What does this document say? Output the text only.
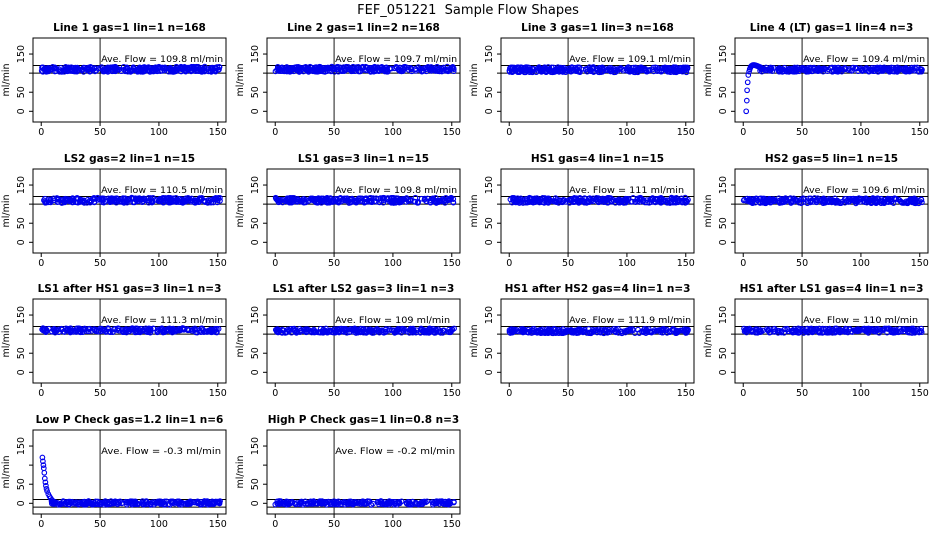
FEF_051221  Sample Flow Shapes
Line 1 gas=1 lin=1 n=168
0	50	100	150
0
50
150
ml/min
Ave. Flow = 109.8 ml/min
Line 2 gas=1 lin=2 n=168
0	50	100	150
0
50
150
ml/min
Ave. Flow = 109.7 ml/min
Line 3 gas=1 lin=3 n=168
0	50	100	150
0
50
150
ml/min
Ave. Flow = 109.1 ml/min
Line 4 (LT) gas=1 lin=4 n=3
0	50	100	150
0
50
150
ml/min
Ave. Flow = 109.4 ml/min
LS2 gas=2 lin=1 n=15
0	50	100	150
0
50
150
ml/min
Ave. Flow = 110.5 ml/min
LS1 gas=3 lin=1 n=15
0	50	100	150
0
50
150
ml/min
Ave. Flow = 109.8 ml/min
HS1 gas=4 lin=1 n=15
0	50	100	150
0
50
150
ml/min
Ave. Flow = 111 ml/min
HS2 gas=5 lin=1 n=15
0	50	100	150
0
50
150
ml/min
Ave. Flow = 109.6 ml/min
LS1 after HS1 gas=3 lin=1 n=3
0	50	100	150
0
50
150
ml/min
Ave. Flow = 111.3 ml/min
LS1 after LS2 gas=3 lin=1 n=3
0	50	100	150
0
50
150
ml/min
Ave. Flow = 109 ml/min
HS1 after HS2 gas=4 lin=1 n=3
0	50	100	150
0
50
150
ml/min
Ave. Flow = 111.9 ml/min
HS1 after LS1 gas=4 lin=1 n=3
0	50	100	150
0
50
150
ml/min
Ave. Flow = 110 ml/min
Low P Check gas=1.2 lin=1 n=6
0	50	100	150
0
50
150
ml/min
Ave. Flow = -0.3 ml/min
High P Check gas=1 lin=0.8 n=3
0	50	100	150
0
50
150
ml/min
Ave. Flow = -0.2 ml/min
